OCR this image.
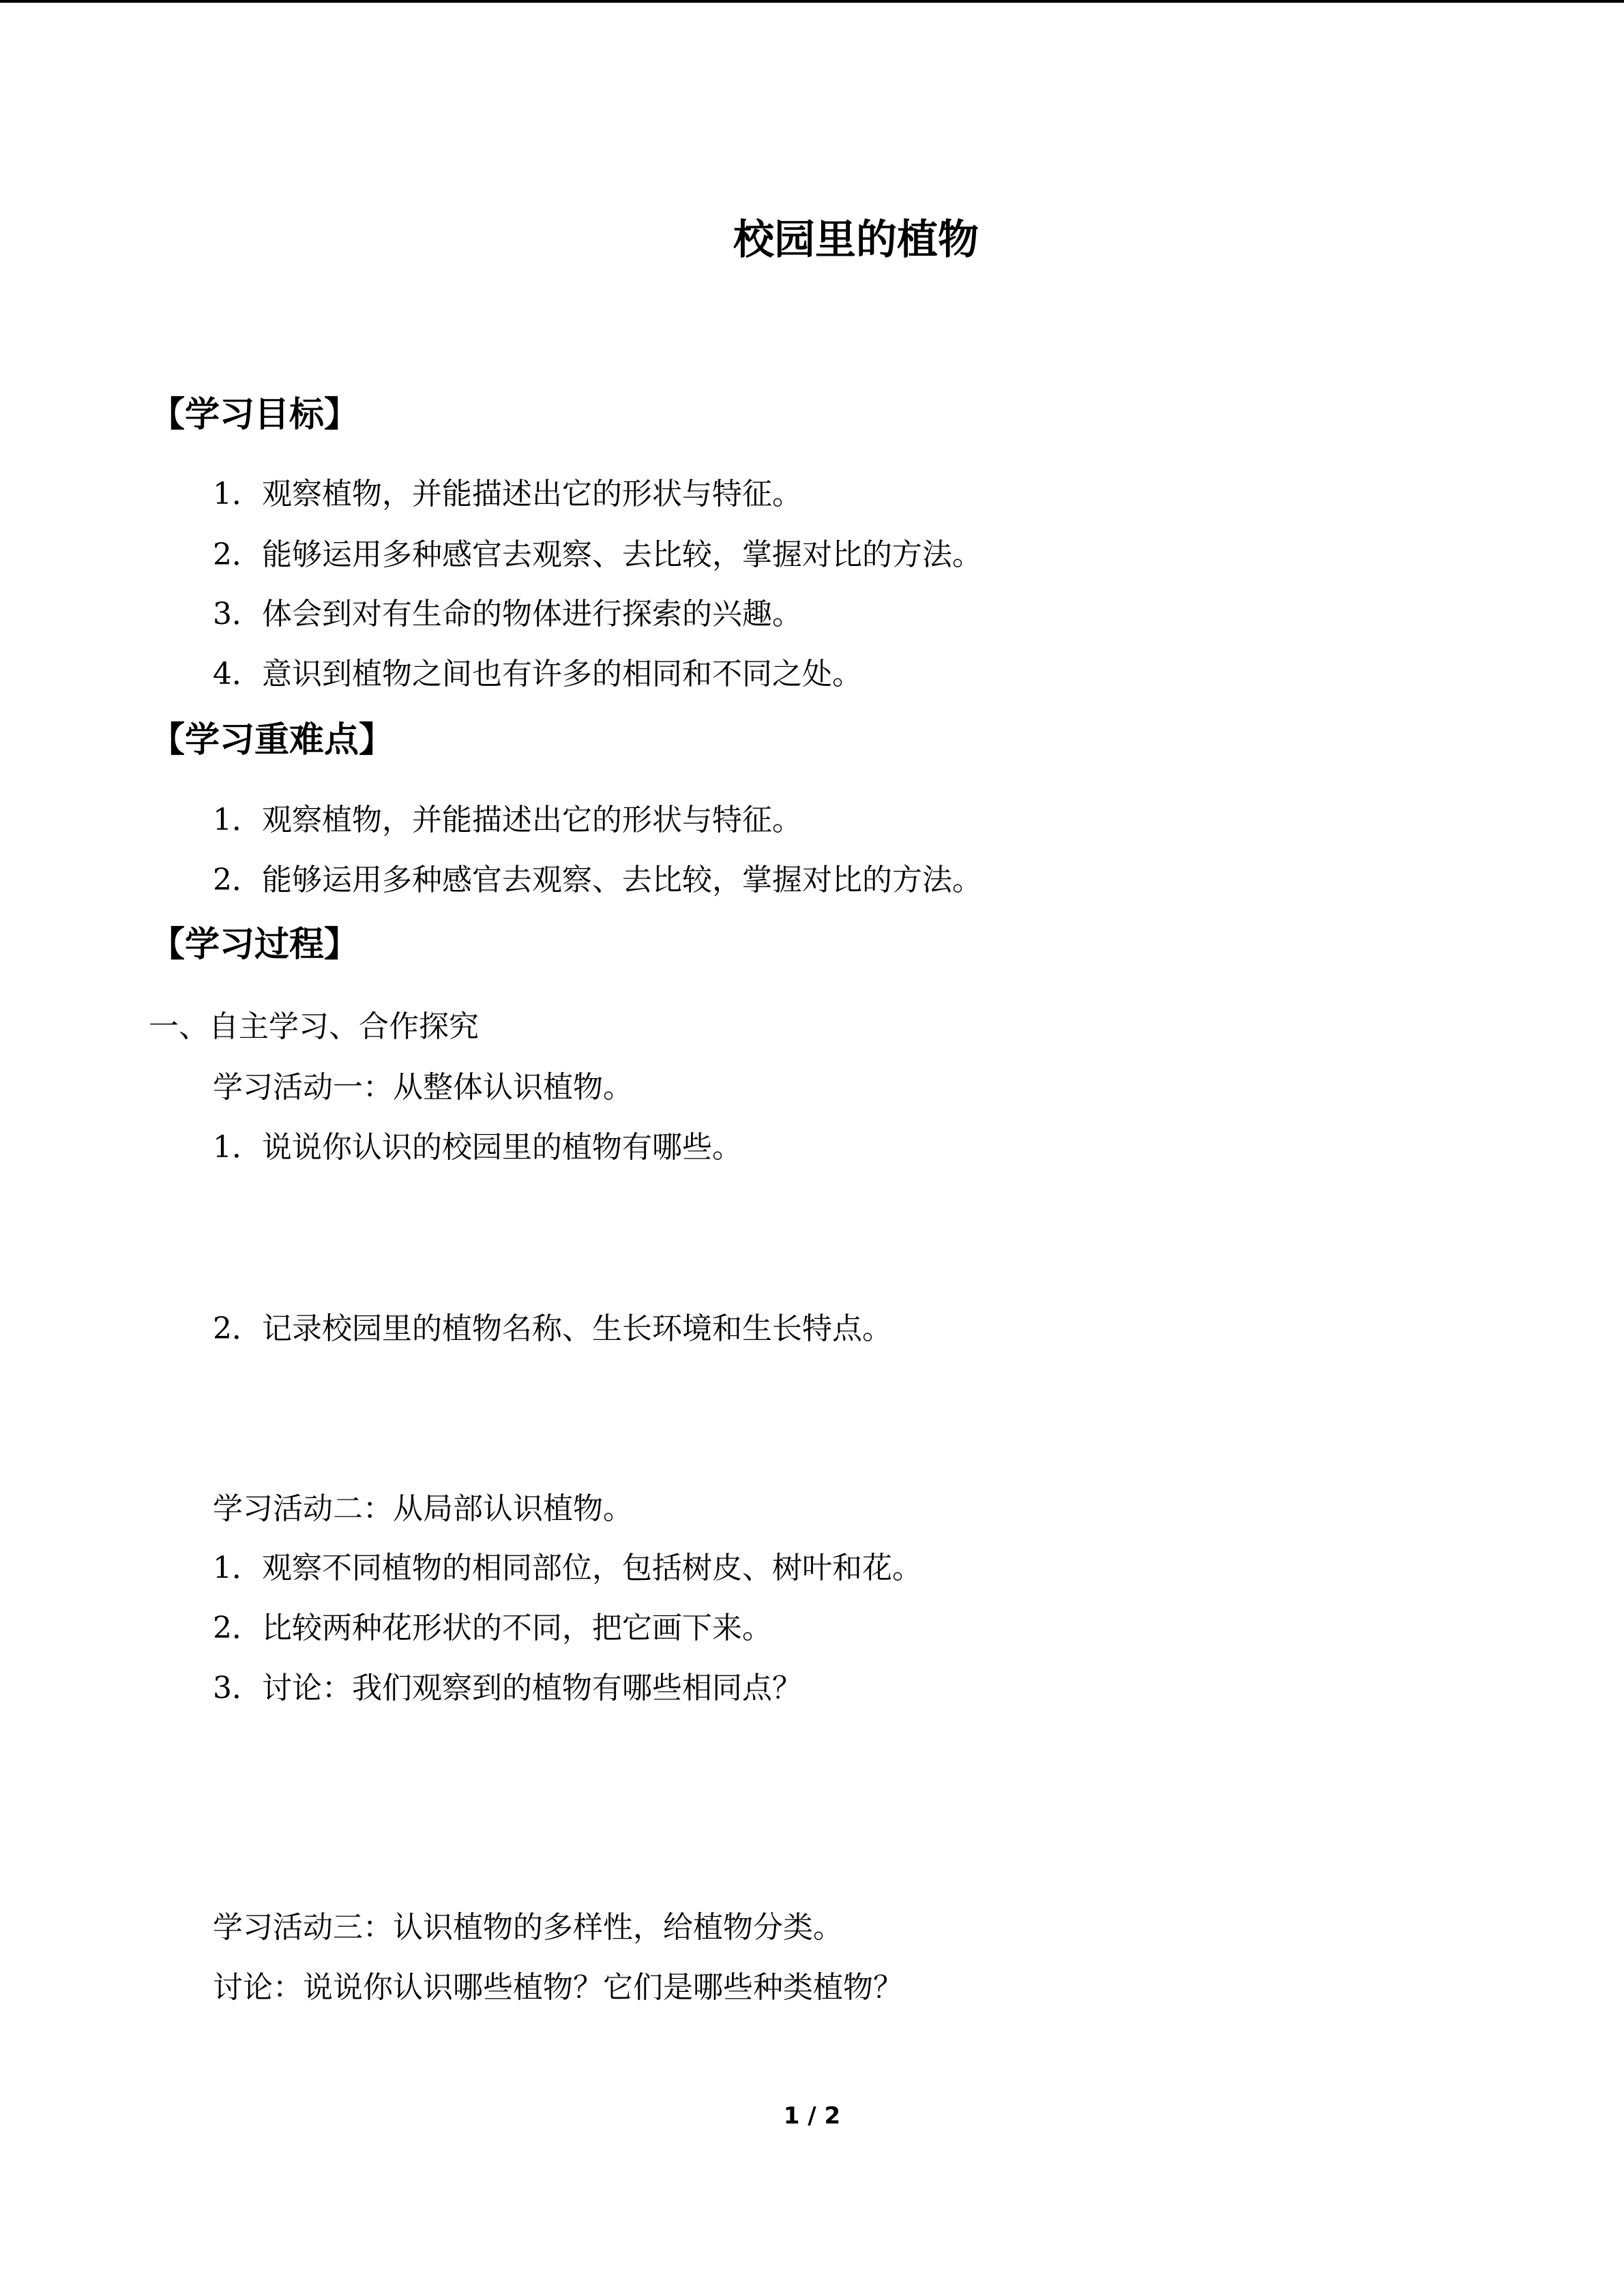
校园里的植物
【学习目标】
1．观察植物，并能描述出它的形状与特征。
2．能够运用多种感官去观察、去比较，掌握对比的方法。
3．体会到对有生命的物体进行探索的兴趣。
4．意识到植物之间也有许多的相同和不同之处。
【学习重难点】
1．观察植物，并能描述出它的形状与特征。
2．能够运用多种感官去观察、去比较，掌握对比的方法。
【学习过程】
一、自主学习、合作探究
学习活动一：从整体认识植物。
1．说说你认识的校园里的植物有哪些。
2．记录校园里的植物名称、生长环境和生长特点。
学习活动二：从局部认识植物。
1．观察不同植物的相同部位，包括树皮、树叶和花。
2．比较两种花形状的不同，把它画下来。
3．讨论：我们观察到的植物有哪些相同点？
学习活动三：认识植物的多样性，给植物分类。
讨论：说说你认识哪些植物？它们是哪些种类植物？
1 / 2
